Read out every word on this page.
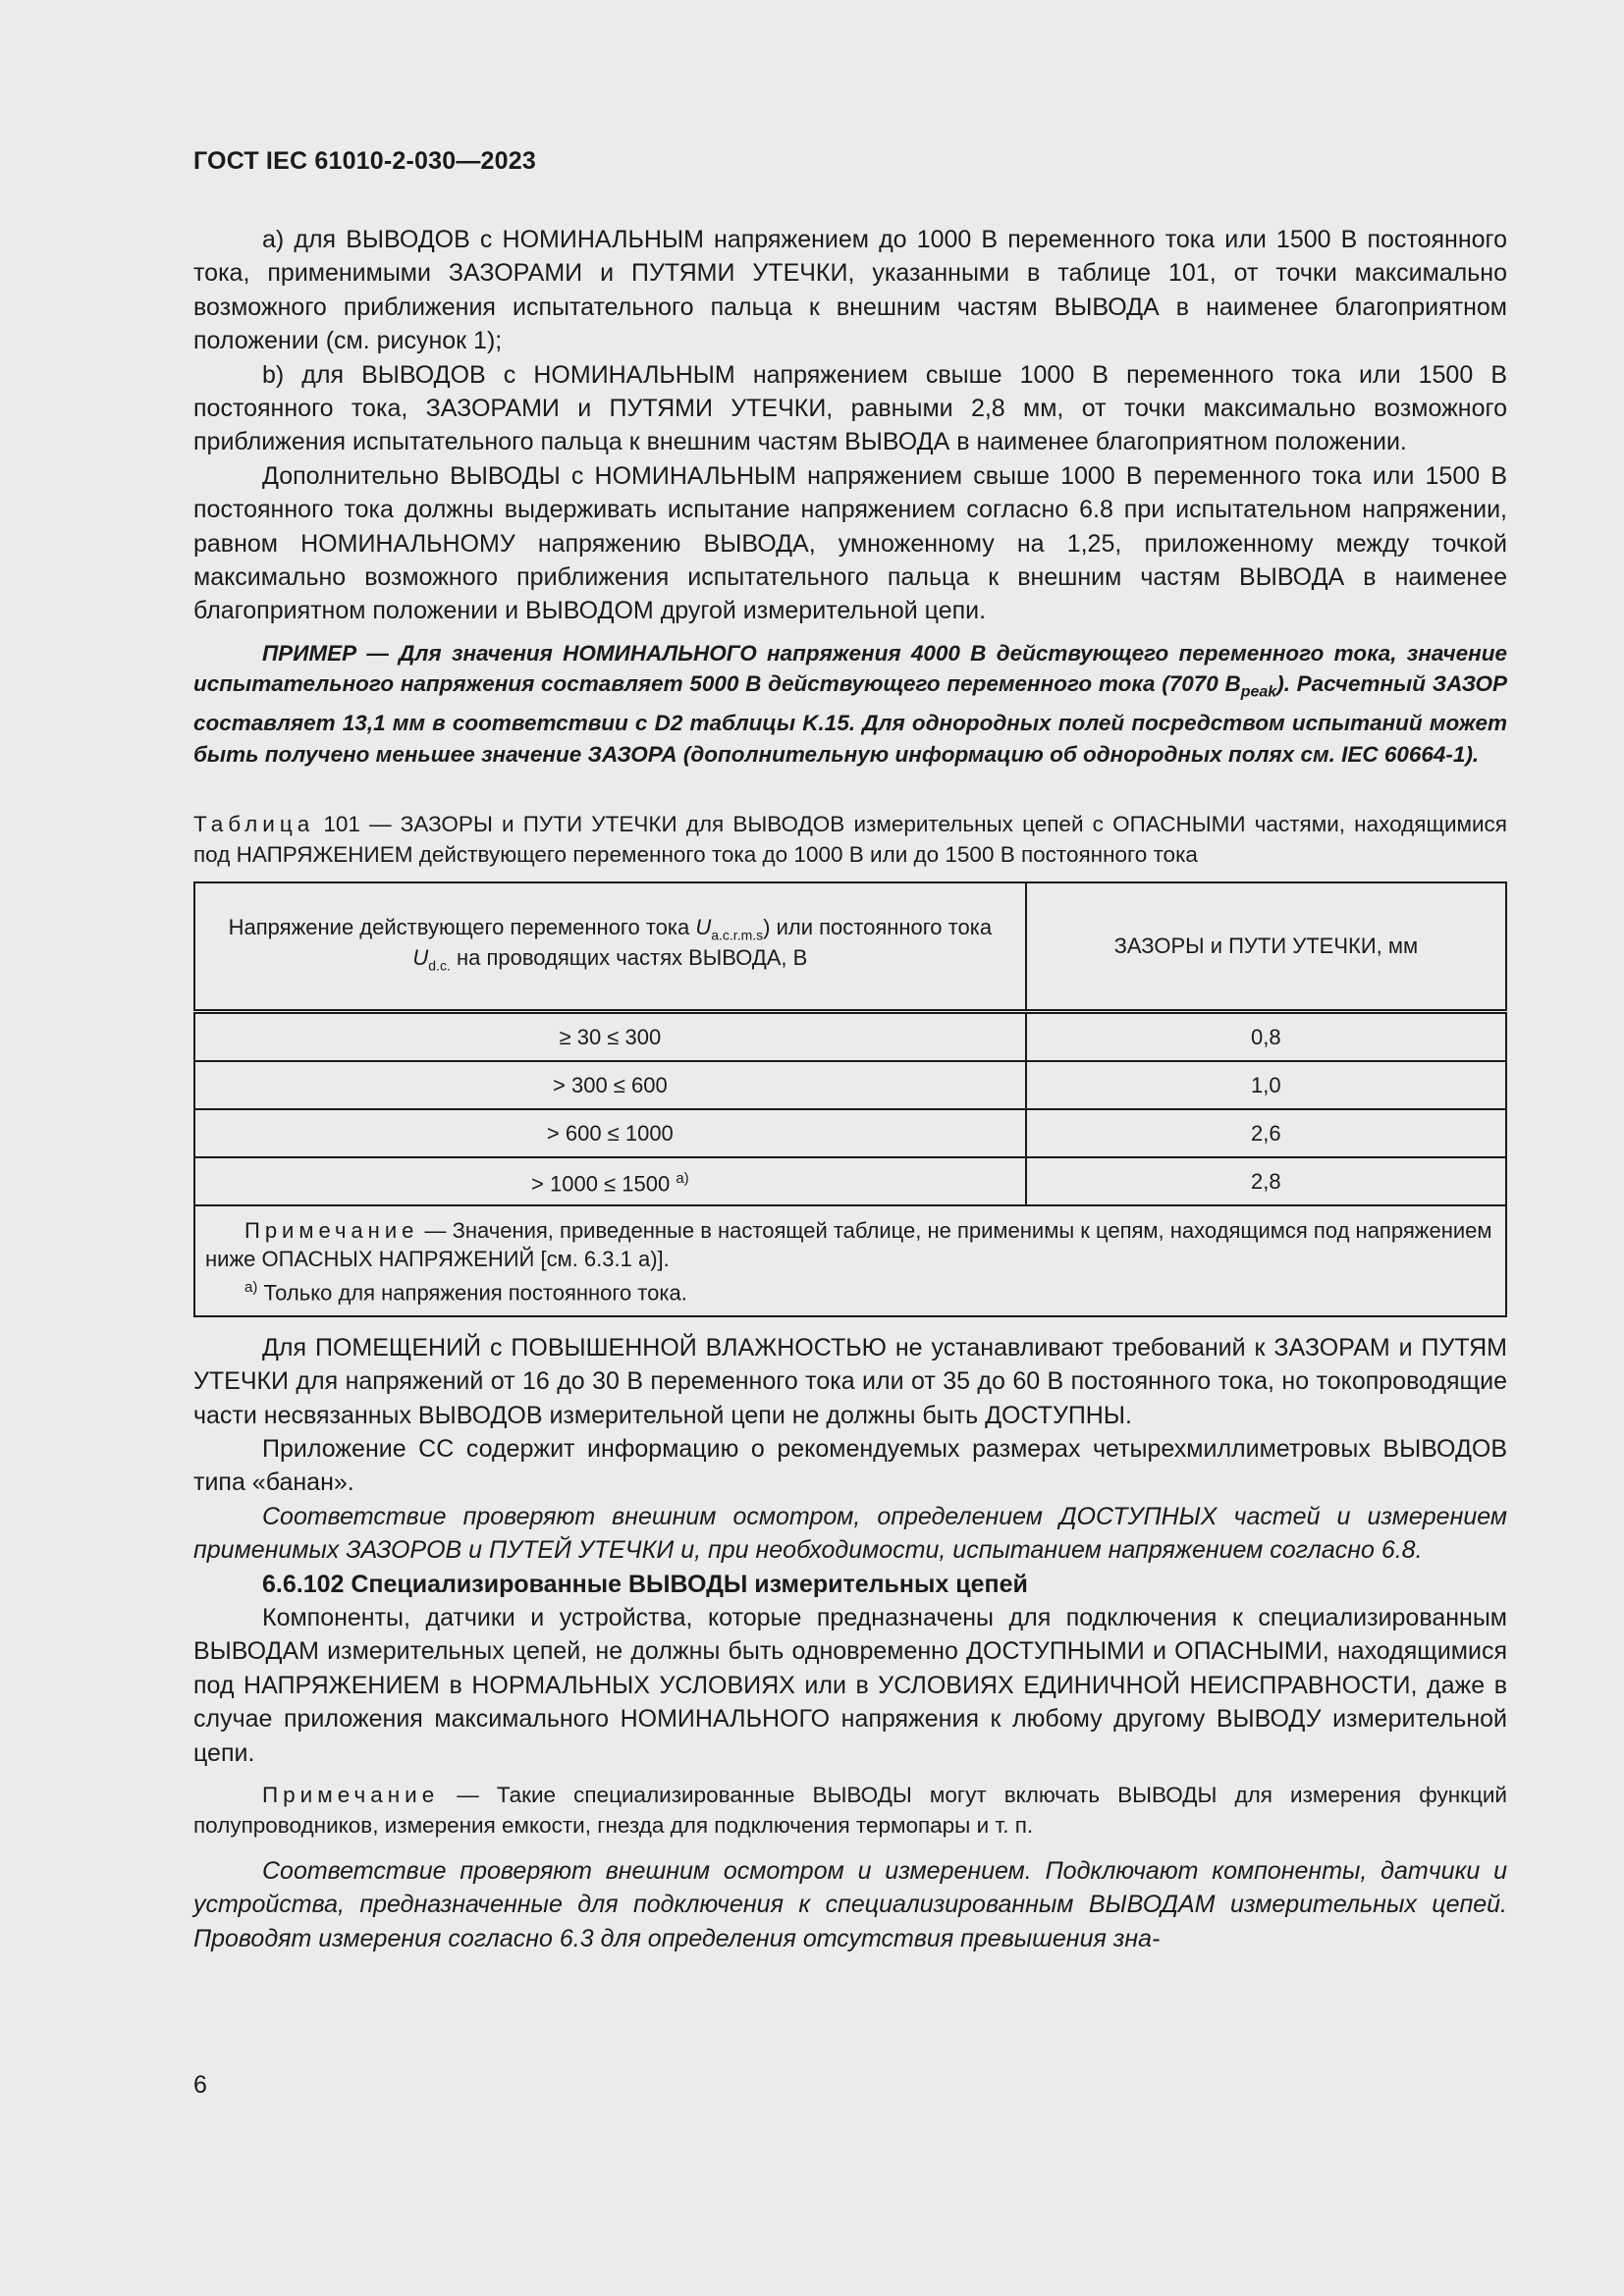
ГОСТ IEC 61010-2-030—2023

а) для ВЫВОДОВ с НОМИНАЛЬНЫМ напряжением до 1000 В переменного тока или 1500 В постоянного тока, применимыми ЗАЗОРАМИ и ПУТЯМИ УТЕЧКИ, указанными в таблице 101, от точки максимально возможного приближения испытательного пальца к внешним частям ВЫВОДА в наименее благоприятном положении (см. рисунок 1);

b) для ВЫВОДОВ с НОМИНАЛЬНЫМ напряжением свыше 1000 В переменного тока или 1500 В постоянного тока, ЗАЗОРАМИ и ПУТЯМИ УТЕЧКИ, равными 2,8 мм, от точки максимально возможного приближения испытательного пальца к внешним частям ВЫВОДА в наименее благоприятном положении.

Дополнительно ВЫВОДЫ с НОМИНАЛЬНЫМ напряжением свыше 1000 В переменного тока или 1500 В постоянного тока должны выдерживать испытание напряжением согласно 6.8 при испытательном напряжении, равном НОМИНАЛЬНОМУ напряжению ВЫВОДА, умноженному на 1,25, приложенному между точкой максимально возможного приближения испытательного пальца к внешним частям ВЫВОДА в наименее благоприятном положении и ВЫВОДОМ другой измерительной цепи.

ПРИМЕР — Для значения НОМИНАЛЬНОГО напряжения 4000 В действующего переменного тока, значение испытательного напряжения составляет 5000 В действующего переменного тока (7070 $В_{peak}$). Расчетный ЗАЗОР составляет 13,1 мм в соответствии с D2 таблицы K.15. Для однородных полей посредством испытаний может быть получено меньшее значение ЗАЗОРА (дополнительную информацию об однородных полях см. IEC 60664-1).

Таблица 101 — ЗАЗОРЫ и ПУТИ УТЕЧКИ для ВЫВОДОВ измерительных цепей с ОПАСНЫМИ частями, находящимися под НАПРЯЖЕНИЕМ действующего переменного тока до 1000 В или до 1500 В постоянного тока

Напряжение действующего переменного тока $U_{a.c.r.m.s}$) или постоянного тока $U_{d.c.}$ на проводящих частях ВЫВОДА, В	ЗАЗОРЫ и ПУТИ УТЕЧКИ, мм
≥ 30 ≤ 300	0,8
> 300 ≤ 600	1,0
> 600 ≤ 1000	2,6
> 1000 ≤ 1500 $^{a)}$	2,8

Примечание — Значения, приведенные в настоящей таблице, не применимы к цепям, находящимся под напряжением ниже ОПАСНЫХ НАПРЯЖЕНИЙ [см. 6.3.1 а)].
$^{a)}$ Только для напряжения постоянного тока.	

Для ПОМЕЩЕНИЙ с ПОВЫШЕННОЙ ВЛАЖНОСТЬЮ не устанавливают требований к ЗАЗОРАМ и ПУТЯМ УТЕЧКИ для напряжений от 16 до 30 В переменного тока или от 35 до 60 В постоянного тока, но токопроводящие части несвязанных ВЫВОДОВ измерительной цепи не должны быть ДОСТУПНЫ.

Приложение СС содержит информацию о рекомендуемых размерах четырехмиллиметровых ВЫВОДОВ типа «банан».

Соответствие проверяют внешним осмотром, определением ДОСТУПНЫХ частей и измерением применимых ЗАЗОРОВ и ПУТЕЙ УТЕЧКИ и, при необходимости, испытанием напряжением согласно 6.8.

6.6.102 Специализированные ВЫВОДЫ измерительных цепей

Компоненты, датчики и устройства, которые предназначены для подключения к специализированным ВЫВОДАМ измерительных цепей, не должны быть одновременно ДОСТУПНЫМИ и ОПАСНЫМИ, находящимися под НАПРЯЖЕНИЕМ в НОРМАЛЬНЫХ УСЛОВИЯХ или в УСЛОВИЯХ ЕДИНИЧНОЙ НЕИСПРАВНОСТИ, даже в случае приложения максимального НОМИНАЛЬНОГО напряжения к любому другому ВЫВОДУ измерительной цепи.

Примечание — Такие специализированные ВЫВОДЫ могут включать ВЫВОДЫ для измерения функций полупроводников, измерения емкости, гнезда для подключения термопары и т. п.

Соответствие проверяют внешним осмотром и измерением. Подключают компоненты, датчики и устройства, предназначенные для подключения к специализированным ВЫВОДАМ измерительных цепей. Проводят измерения согласно 6.3 для определения отсутствия превышения зна-

6
